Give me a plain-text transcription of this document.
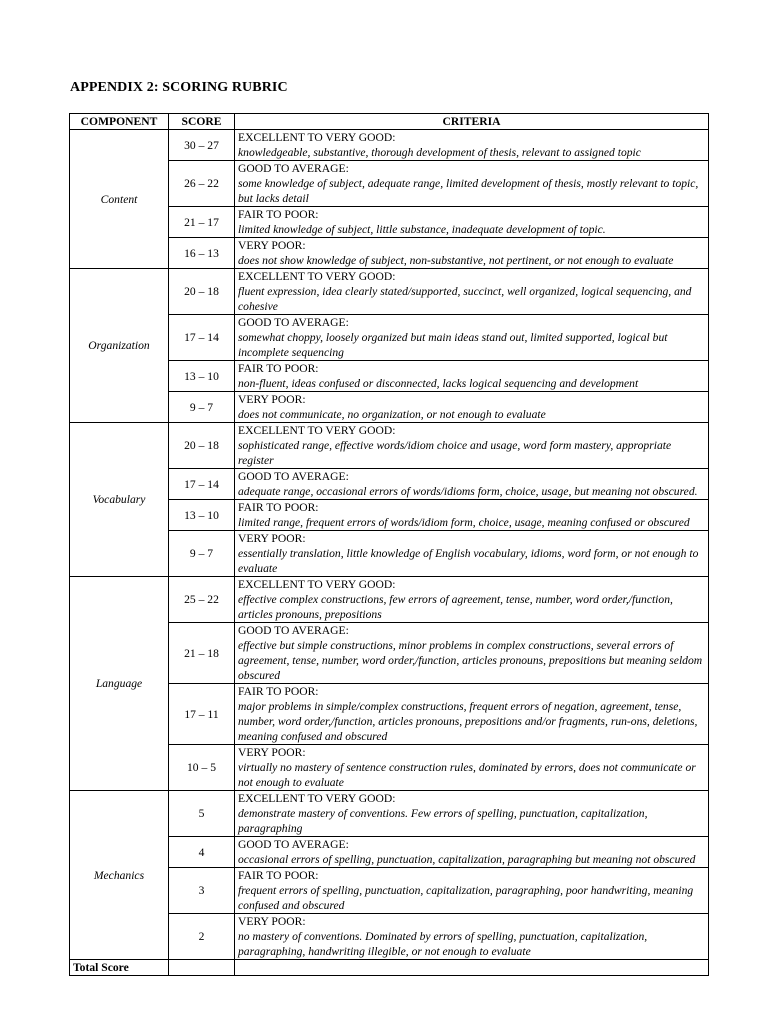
APPENDIX 2: SCORING RUBRIC
COMPONENT	SCORE	CRITERIA
Content	30 – 27	EXCELLENT TO VERY GOOD:
knowledgeable, substantive, thorough development of thesis, relevant to assigned topic

	26 – 22	GOOD TO AVERAGE:
some knowledge of subject, adequate range, limited development of thesis, mostly relevant to topic, but lacks detail

	21 – 17	FAIR TO POOR:
limited knowledge of subject, little substance, inadequate development of topic.

	16 – 13	VERY POOR:
does not show knowledge of subject, non-substantive, not pertinent, or not enough to evaluate

Organization	20 – 18	EXCELLENT TO VERY GOOD:
fluent expression, idea clearly stated/supported, succinct, well organized, logical sequencing, and cohesive

	17 – 14	GOOD TO AVERAGE:
somewhat choppy, loosely organized but main ideas stand out, limited supported, logical but incomplete sequencing

	13 – 10	FAIR TO POOR:
non-fluent, ideas confused or disconnected, lacks logical sequencing and development

	9 – 7	VERY POOR:
does not communicate, no organization, or not enough to evaluate

Vocabulary	20 – 18	EXCELLENT TO VERY GOOD:
sophisticated range, effective words/idiom choice and usage, word form mastery, appropriate register

	17 – 14	GOOD TO AVERAGE:
adequate range, occasional errors of words/idioms form, choice, usage, but meaning not obscured.

	13 – 10	FAIR TO POOR:
limited range, frequent errors of words/idiom form, choice, usage, meaning confused or obscured

	9 – 7	VERY POOR:
essentially translation, little knowledge of English vocabulary, idioms, word form, or not enough to evaluate

Language	25 – 22	EXCELLENT TO VERY GOOD:
effective complex constructions, few errors of agreement, tense, number, word order,/function, articles pronouns, prepositions

	21 – 18	GOOD TO AVERAGE:
effective but simple constructions, minor problems in complex constructions, several errors of agreement, tense, number, word order,/function, articles pronouns, prepositions but meaning seldom obscured

	17 – 11	FAIR TO POOR:
major problems in simple/complex constructions, frequent errors of negation, agreement, tense, number, word order,/function, articles pronouns, prepositions and/or fragments, run-ons, deletions, meaning confused and obscured

	10 – 5	VERY POOR:
virtually no mastery of sentence construction rules, dominated by errors, does not communicate or not enough to evaluate

Mechanics	5	EXCELLENT TO VERY GOOD:
demonstrate mastery of conventions. Few errors of spelling, punctuation, capitalization, paragraphing

	4	GOOD TO AVERAGE:
occasional errors of spelling, punctuation, capitalization, paragraphing but meaning not obscured

	3	FAIR TO POOR:
frequent errors of spelling, punctuation, capitalization, paragraphing, poor handwriting, meaning confused and obscured

	2	VERY POOR:
no mastery of conventions. Dominated by errors of spelling, punctuation, capitalization, paragraphing, handwriting illegible, or not enough to evaluate

Total Score		
